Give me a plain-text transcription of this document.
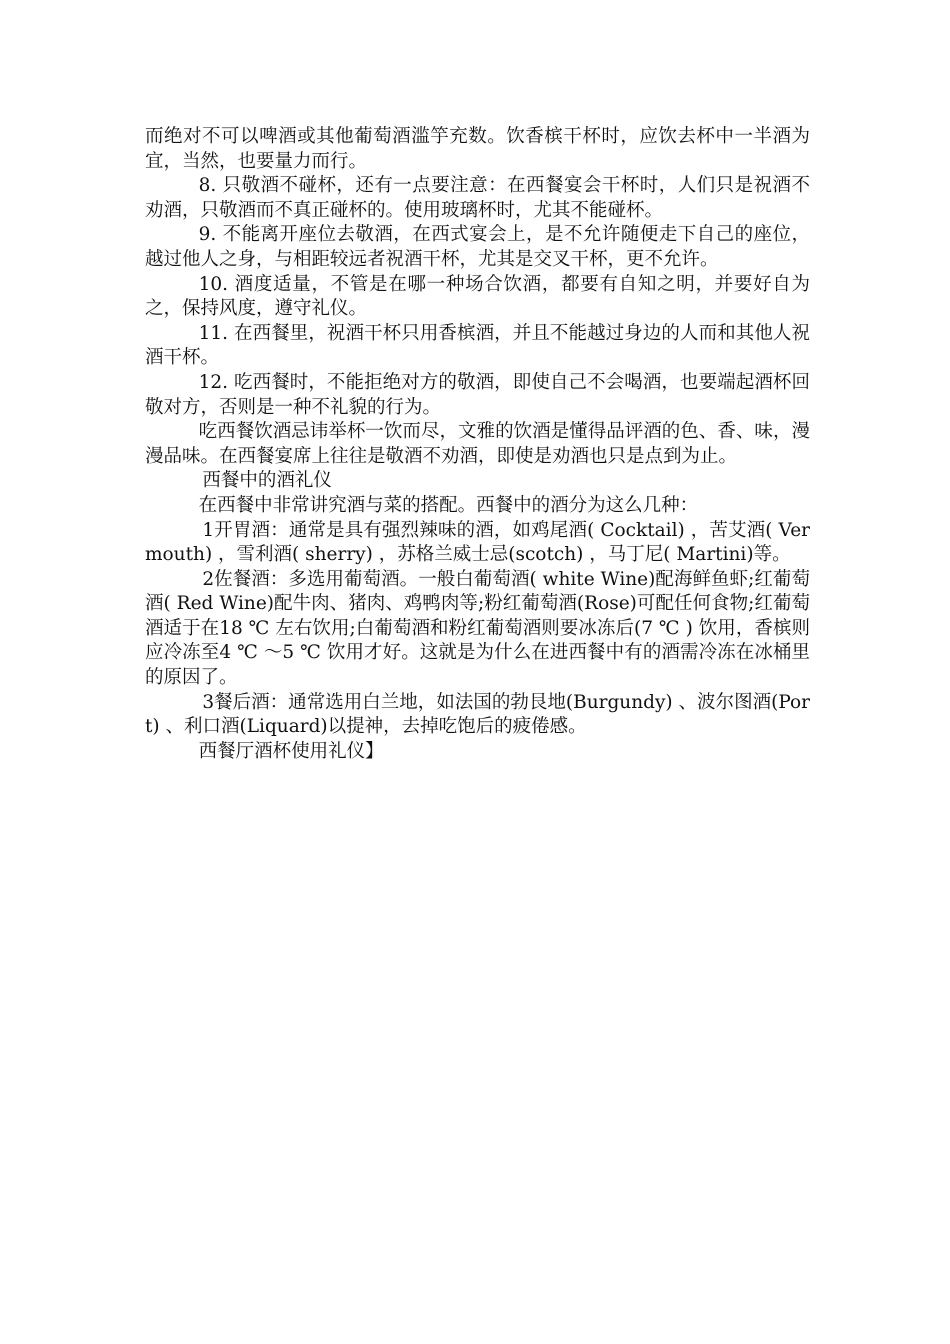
而绝对不可以啤酒或其他葡萄酒滥竽充数。饮香槟干杯时，应饮去杯中一半酒为宜，当然，也要量力而行。

8. 只敬酒不碰杯，还有一点要注意：在西餐宴会干杯时，人们只是祝酒不劝酒，只敬酒而不真正碰杯的。使用玻璃杯时，尤其不能碰杯。

9. 不能离开座位去敬酒，在西式宴会上，是不允许随便走下自己的座位，越过他人之身，与相距较远者祝酒干杯，尤其是交叉干杯，更不允许。

10. 酒度适量，不管是在哪一种场合饮酒，都要有自知之明，并要好自为之，保持风度，遵守礼仪。

11. 在西餐里，祝酒干杯只用香槟酒，并且不能越过身边的人而和其他人祝酒干杯。

12. 吃西餐时，不能拒绝对方的敬酒，即使自己不会喝酒，也要端起酒杯回敬对方，否则是一种不礼貌的行为。

吃西餐饮酒忌讳举杯一饮而尽，文雅的饮酒是懂得品评酒的色、香、味，漫漫品味。在西餐宴席上往往是敬酒不劝酒，即使是劝酒也只是点到为止。

西餐中的酒礼仪

在西餐中非常讲究酒与菜的搭配。西餐中的酒分为这么几种：

1开胃酒：通常是具有强烈辣味的酒，如鸡尾酒( Cocktail) ，苦艾酒( Vermouth) ，雪利酒( sherry) ，苏格兰威士忌(scotch) ，马丁尼( Martini)等。

2佐餐酒：多选用葡萄酒。一般白葡萄酒( white Wine)配海鲜鱼虾;红葡萄酒( Red Wine)配牛肉、猪肉、鸡鸭肉等;粉红葡萄酒(Rose)可配任何食物;红葡萄酒适于在18 ℃ 左右饮用;白葡萄酒和粉红葡萄酒则要冰冻后(7 ℃ ) 饮用，香槟则应冷冻至4 ℃ ～5 ℃ 饮用才好。这就是为什么在进西餐中有的酒需冷冻在冰桶里的原因了。

3餐后酒：通常选用白兰地，如法国的勃艮地(Burgundy) 、波尔图酒(Port) 、利口酒(Liquard)以提神，去掉吃饱后的疲倦感。

西餐厅酒杯使用礼仪】
